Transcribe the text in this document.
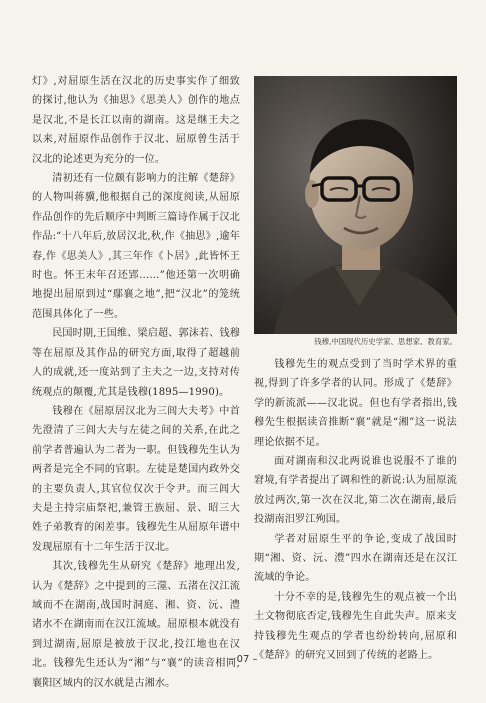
灯》,对屈原生活在汉北的历史事实作了细致的探讨,他认为《抽思》《思美人》创作的地点是汉北,不是长江以南的湖南。这是继王夫之以来,对屈原作品创作于汉北、屈原曾生活于汉北的论述更为充分的一位。

清初还有一位颇有影响力的注解《楚辞》的人物叫蒋骥,他根据自己的深度阅读,从屈原作品创作的先后顺序中判断三篇诗作属于汉北作品:“十八年后,放居汉北,秋,作《抽思》,逾年春,作《思美人》,其三年作《卜居》,此皆怀王时也。怀王末年召还郢……”他还第一次明确地提出屈原到过“鄢襄之地”,把“汉北”的笼统范围具体化了一些。

民国时期,王国维、梁启超、郭沫若、钱穆等在屈原及其作品的研究方面,取得了超越前人的成就,还一度站到了主夫之一边,支持对传统观点的颠覆,尤其是钱穆(1895—1990)。

钱穆在《屈原居汉北为三闾大夫考》中首先澄清了三闾大夫与左徒之间的关系,在此之前学者普遍认为二者为一职。但钱穆先生认为两者是完全不同的官职。左徒是楚国内政外交的主要负责人,其官位仅次于令尹。而三闾大夫是主持宗庙祭祀,兼管王族屈、景、昭三大姓子弟教育的闲差事。钱穆先生从屈原年谱中发现屈原有十二年生活于汉北。

其次,钱穆先生从研究《楚辞》地理出发,认为《楚辞》之中提到的三澨、五渚在汉江流域而不在湖南,战国时洞庭、湘、资、沅、澧诸水不在湖南而在汉江流域。屈原根本就没有到过湖南,屈原是被放于汉北,投江地也在汉北。钱穆先生还认为“湘”与“襄”的读音相同,襄阳区域内的汉水就是古湘水。

钱穆,中国现代历史学家、思想家、教育家。

钱穆先生的观点受到了当时学术界的重视,得到了许多学者的认同。形成了《楚辞》学的新流派——汉北说。但也有学者指出,钱穆先生根据读音推断“襄”就是“湘”这一说法理论依据不足。

面对湖南和汉北两说谁也说服不了谁的窘境,有学者提出了调和性的新说:认为屈原流放过两次,第一次在汉北,第二次在湖南,最后投湖南汨罗江殉国。

学者对屈原生平的争论,变成了战国时期“湘、资、沅、澧”四水在湖南还是在汉江流域的争论。

十分不幸的是,钱穆先生的观点被一个出土文物彻底否定,钱穆先生自此失声。原来支持钱穆先生观点的学者也纷纷转向,屈原和《楚辞》的研究又回到了传统的老路上。

– 07 –
